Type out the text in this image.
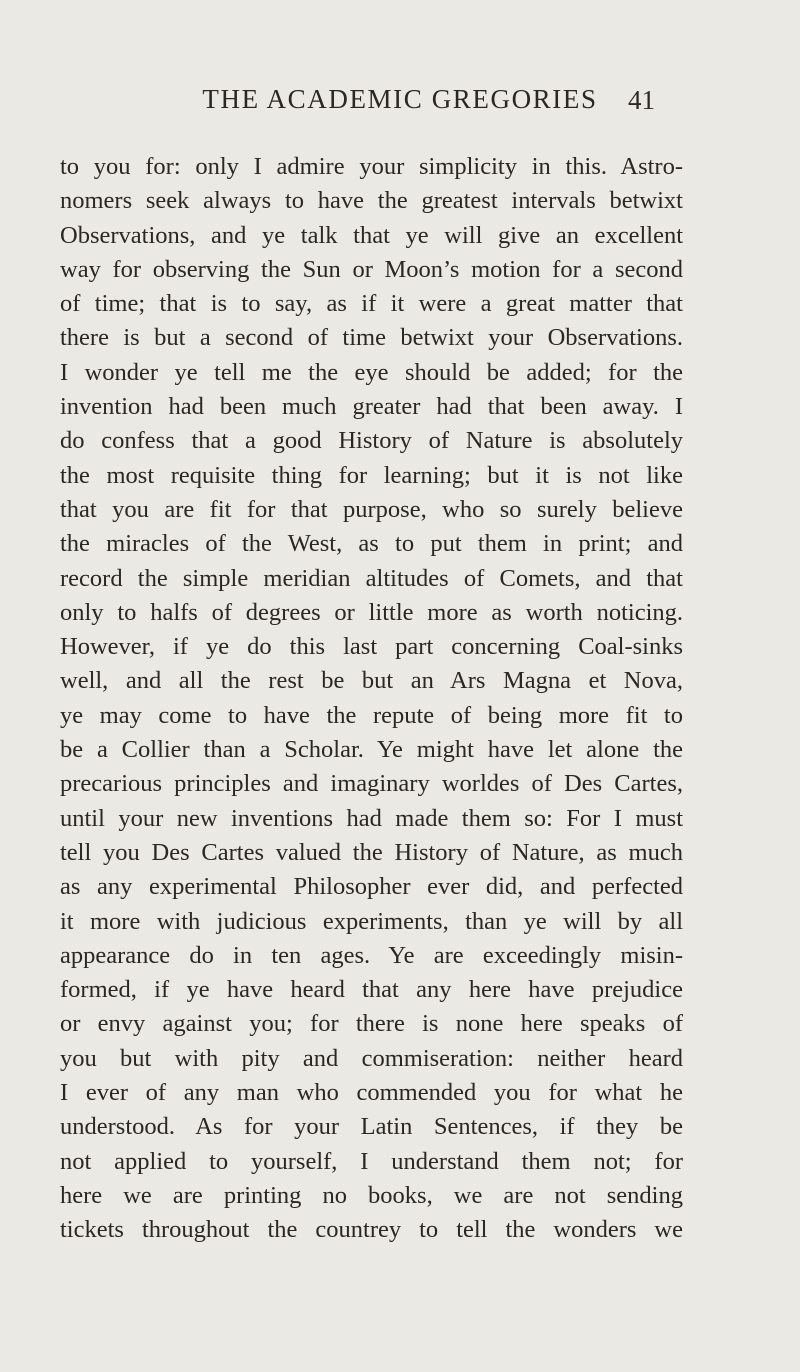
THE ACADEMIC GREGORIES	41
to you for: only I admire your simplicity in this. Astro-
nomers seek always to have the greatest intervals betwixt
Observations, and ye talk that ye will give an excellent
way for observing the Sun or Moon’s motion for a second
of time; that is to say, as if it were a great matter that
there is but a second of time betwixt your Observations.
I wonder ye tell me the eye should be added; for the
invention had been much greater had that been away. I
do confess that a good History of Nature is absolutely
the most requisite thing for learning; but it is not like
that you are fit for that purpose, who so surely believe
the miracles of the West, as to put them in print; and
record the simple meridian altitudes of Comets, and that
only to halfs of degrees or little more as worth noticing.
However, if ye do this last part concerning Coal-sinks
well, and all the rest be but an Ars Magna et Nova,
ye may come to have the repute of being more fit to
be a Collier than a Scholar. Ye might have let alone the
precarious principles and imaginary worldes of Des Cartes,
until your new inventions had made them so: For I must
tell you Des Cartes valued the History of Nature, as much
as any experimental Philosopher ever did, and perfected
it more with judicious experiments, than ye will by all
appearance do in ten ages. Ye are exceedingly misin-
formed, if ye have heard that any here have prejudice
or envy against you; for there is none here speaks of
you but with pity and commiseration: neither heard
I ever of any man who commended you for what he
understood. As for your Latin Sentences, if they be
not applied to yourself, I understand them not; for
here we are printing no books, we are not sending
tickets throughout the countrey to tell the wonders we
